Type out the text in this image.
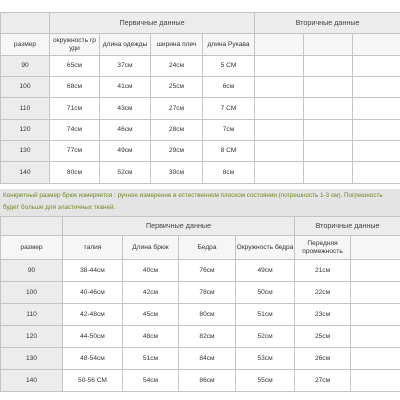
	Первичные данные				Вторичные данные		
размер	окружность гр уди	длина одежды	ширина плеч	длина Рукава			
90	65см	37см	24см	5 СМ			
100	68см	41см	25см	6см			
110	71см	43см	27см	7 СМ			
120	74см	46см	28см	7см			
130	77см	49см	29см	8 СМ			
140	80см	52см	30см	8см			
Конкретный размер брюк измеряется : ручное измерение в естественном плоском состоянии (погрешность 1-3 см). Погрешность будет больше для эластичных тканей.
	Первичные данные				Вторичные данные	
размер	талия	Длина брюк	Бедра	Окружность бедра	Передняя промежность	
90	38-44см	40см	76см	49см	21см	
100	40-46см	42см	78см	50см	22см	
110	42-48см	45см	80см	51см	23см	
120	44-50см	48см	82см	52см	25см	
130	48-54см	51см	84см	53см	26см	
140	50-56 СМ	54см	86см	55см	27см	
